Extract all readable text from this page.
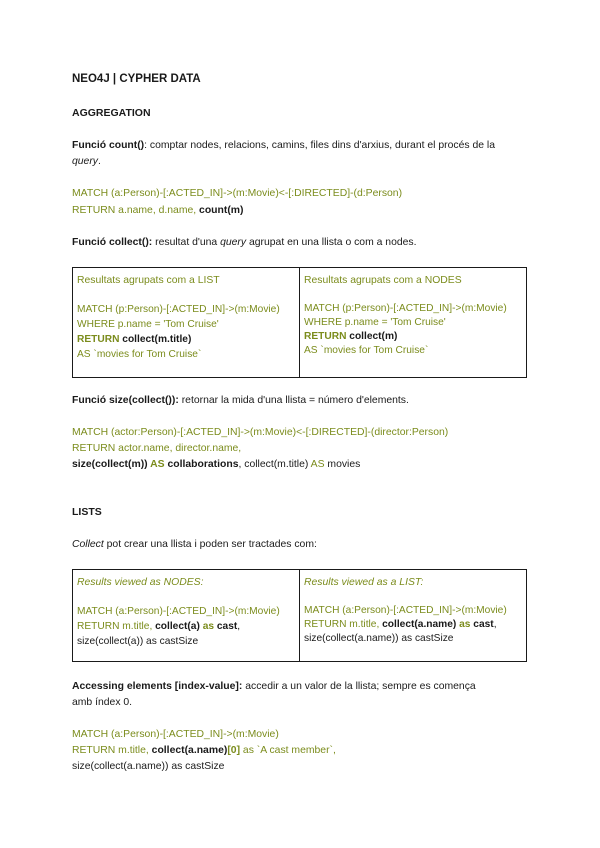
NEO4J | CYPHER DATA
AGGREGATION
Funció count(): comptar nodes, relacions, camins, files dins d'arxius, durant el procés de la
query.
MATCH (a:Person)-[:ACTED_IN]->(m:Movie)<-[:DIRECTED]-(d:Person)
RETURN a.name, d.name, count(m)
Funció collect(): resultat d'una query agrupat en una llista o com a nodes.
Resultats agrupats com a LIST
MATCH (p:Person)-[:ACTED_IN]->(m:Movie)
WHERE p.name = 'Tom Cruise'
RETURN collect(m.title)
AS `movies for Tom Cruise`

Resultats agrupats com a NODES
MATCH (p:Person)-[:ACTED_IN]->(m:Movie)
WHERE p.name = 'Tom Cruise'
RETURN collect(m)
AS `movies for Tom Cruise`
Funció size(collect()): retornar la mida d'una llista = número d'elements.
MATCH (actor:Person)-[:ACTED_IN]->(m:Movie)<-[:DIRECTED]-(director:Person)
RETURN actor.name, director.name,
size(collect(m)) AS collaborations, collect(m.title) AS movies
LISTS
Collect pot crear una llista i poden ser tractades com:
Results viewed as NODES:
MATCH (a:Person)-[:ACTED_IN]->(m:Movie)
RETURN m.title, collect(a) as cast,
size(collect(a)) as castSize

Results viewed as a LIST:
MATCH (a:Person)-[:ACTED_IN]->(m:Movie)
RETURN m.title, collect(a.name) as cast,
size(collect(a.name)) as castSize
Accessing elements [index-value]: accedir a un valor de la llista; sempre es comença
amb índex 0.
MATCH (a:Person)-[:ACTED_IN]->(m:Movie)
RETURN m.title, collect(a.name)[0] as `A cast member`,
size(collect(a.name)) as castSize
